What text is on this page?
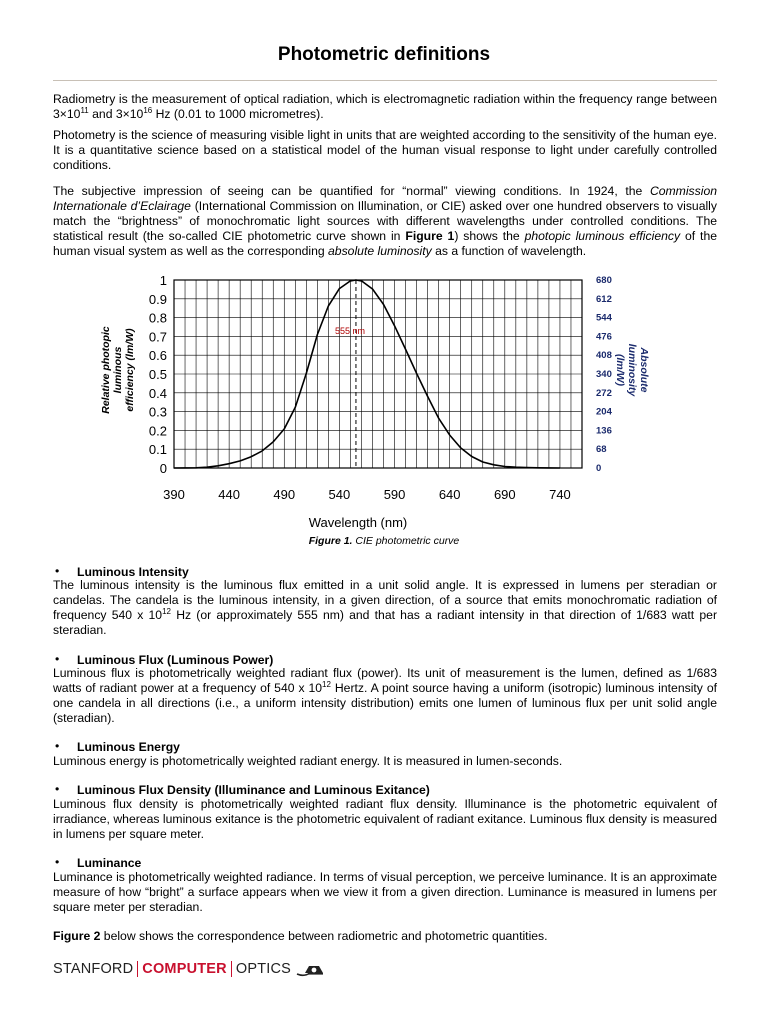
Photometric definitions
Radiometry is the measurement of optical radiation, which is electromagnetic radiation within the frequency range between $3\times 10^{11}$ and $3\times 10^{16}$ Hz (0.01 to 1000 micrometres).
Photometry is the science of measuring visible light in units that are weighted according to the sensitivity of the human eye. It is a quantitative science based on a statistical model of the human visual response to light under carefully controlled conditions.
The subjective impression of seeing can be quantified for “normal” viewing conditions. In 1924, the Commission Internationale d’Eclairage (International Commission on Illumination, or CIE) asked over one hundred observers to visually match the “brightness” of monochromatic light sources with different wavelengths under controlled conditions. The statistical result (the so-called CIE photometric curve shown in Figure 1) shows the photopic luminous efficiency of the human visual system as well as the corresponding absolute luminosity as a function of wavelength.
0
0.1
0.2
0.3
0.4
0.5
0.6
0.7
0.8
0.9
1
0
68
136
204
272
340
408
476
544
612
680
390	440	490	540	590	640	690	740
Wavelength (nm)
Relative photopicluminousefficiency (lm/W)	Absoluteluminosity(lm/W)
555 nm
Figure 1. CIE photometric curve
• Luminous Intensity
The luminous intensity is the luminous flux emitted in a unit solid angle. It is expressed in lumens per steradian or candelas. The candela is the luminous intensity, in a given direction, of a source that emits monochromatic radiation of frequency 540 x $10^{12}$ Hz (or approximately 555 nm) and that has a radiant intensity in that direction of 1/683 watt per steradian.
• Luminous Flux (Luminous Power)
Luminous flux is photometrically weighted radiant flux (power). Its unit of measurement is the lumen, defined as 1/683 watts of radiant power at a frequency of 540 x $10^{12}$ Hertz. A point source having a uniform (isotropic) luminous intensity of one candela in all directions (i.e., a uniform intensity distribution) emits one lumen of luminous flux per unit solid angle (steradian).
• Luminous Energy
Luminous energy is photometrically weighted radiant energy. It is measured in lumen-seconds.
• Luminous Flux Density (Illuminance and Luminous Exitance)
Luminous flux density is photometrically weighted radiant flux density. Illuminance is the photometric equivalent of irradiance, whereas luminous exitance is the photometric equivalent of radiant exitance. Luminous flux density is measured in lumens per square meter.
• Luminance
Luminance is photometrically weighted radiance. In terms of visual perception, we perceive luminance. It is an approximate measure of how “bright” a surface appears when we view it from a given direction. Luminance is measured in lumens per square meter per steradian.
Figure 2 below shows the correspondence between radiometric and photometric quantities.
STANFORD COMPUTER OPTICS
